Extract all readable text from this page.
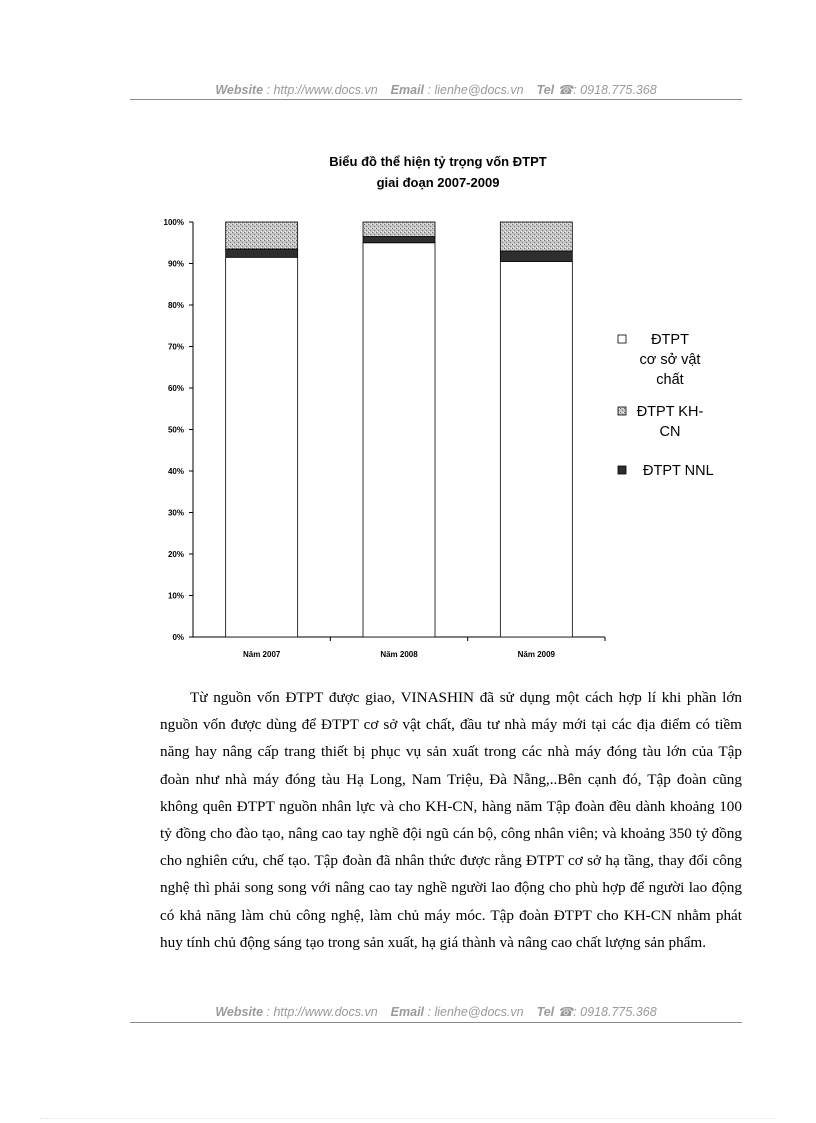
Website : http://www.docs.vn Email : lienhe@docs.vn Tel ☎: 0918.775.368
Biểu đồ thể hiện tỷ trọng vốn ĐTPT
giai đoạn 2007-2009
0%
10%
20%
30%
40%
50%
60%
70%
80%
90%
100%
Năm 2007	Năm 2008	Năm 2009
ĐTPT
cơ sở vật
chất
ĐTPT KH-
CN
ĐTPT NNL

Từ nguồn vốn ĐTPT được giao, VINASHIN đã sử dụng một cách hợp lí khi phần lớn nguồn vốn được dùng để ĐTPT cơ sở vật chất, đầu tư nhà máy mới tại các địa điểm có tiềm năng hay nâng cấp trang thiết bị phục vụ sản xuất trong các nhà máy đóng tàu lớn của Tập đoàn như nhà máy đóng tàu Hạ Long, Nam Triệu, Đà Nẵng,..Bên cạnh đó, Tập đoàn cũng không quên ĐTPT nguồn nhân lực và cho KH-CN, hàng năm Tập đoàn đều dành khoảng 100 tỷ đồng cho đào tạo, nâng cao tay nghề đội ngũ cán bộ, công nhân viên; và khoảng 350 tỷ đồng cho nghiên cứu, chế tạo. Tập đoàn đã nhân thức được rằng ĐTPT cơ sở hạ tầng, thay đổi công nghệ thì phải song song với nâng cao tay nghề người lao động cho phù hợp để người lao động có khả năng làm chủ công nghệ, làm chủ máy móc. Tập đoàn ĐTPT cho KH-CN nhằm phát huy tính chủ động sáng tạo trong sản xuất, hạ giá thành và nâng cao chất lượng sản phẩm.

Website : http://www.docs.vn Email : lienhe@docs.vn Tel ☎: 0918.775.368
